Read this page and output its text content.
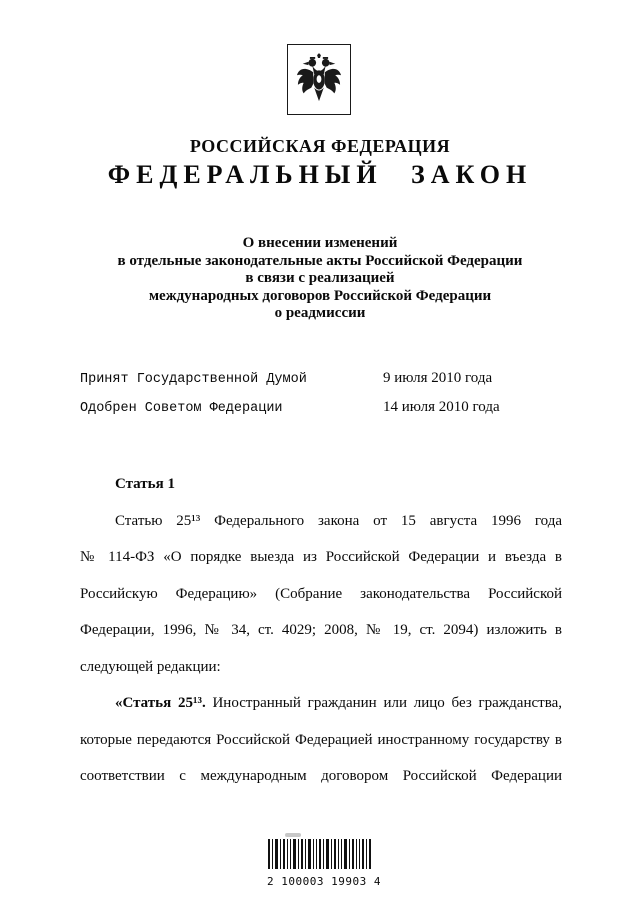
РОССИЙСКАЯ ФЕДЕРАЦИЯ
ФЕДЕРАЛЬНЫЙ ЗАКОН
О внесении изменений
в отдельные законодательные акты Российской Федерации
в связи с реализацией
международных договоров Российской Федерации
о реадмиссии
Принят Государственной Думой	9 июля 2010 года
Одобрен Советом Федерации	14 июля 2010 года
Статья 1
Статью 25¹³ Федерального закона от 15 августа 1996 года
№ 114-ФЗ «О порядке выезда из Российской Федерации и въезда в
Российскую Федерацию» (Собрание законодательства Российской
Федерации, 1996, № 34, ст. 4029; 2008, № 19, ст. 2094) изложить в
следующей редакции:
«Статья 25¹³. Иностранный гражданин или лицо без гражданства,
которые передаются Российской Федерацией иностранному государству в
соответствии с международным договором Российской Федерации
2 100003 19903 4
